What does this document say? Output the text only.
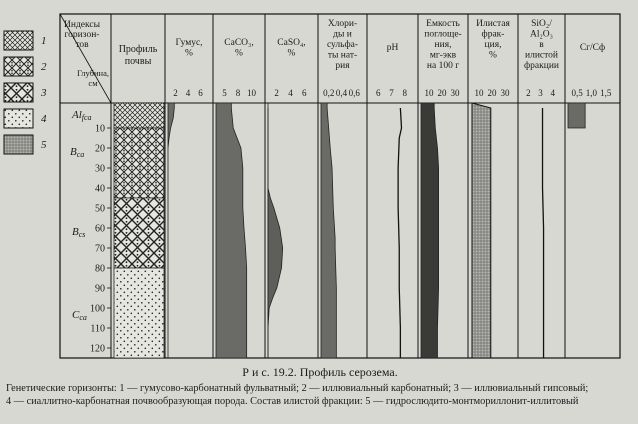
1
2
3
4
5
Индексы
горизон-
тов
Глубина,
см
Профиль
почвы
Alfca
Bca
Bcs
Cca
10
20
30
40
50
60
70
80
90
100
110
120
Гумус,
%
2 4 6
CaCO₃,
%
5 8 10
CaSO₄,
%
2 4 6
Хлори-
ды и
сульфа-
ты нат-
рия
0,2 0,4 0,6
pH
6 7 8
Емкость
поглоще-
ния,
мг-экв
на 100 г
10 20 30
Илистая
фрак-
ция,
%
10 20 30
SiO₂/
Al₂O₃
в
илистой
фракции
2 3 4
Cг/Cф
0,5 1,0 1,5
Р и с. 19.2. Профиль серозема.
Генетические горизонты: 1 — гумусово-карбонатный фульватный; 2 — иллювиальный карбонатный; 3 — иллювиальный гипсовый;
4 — сиаллитно-карбонатная почвообразующая порода. Состав илистой фракции: 5 — гидрослюдито-монтмориллонит-иллитовый
